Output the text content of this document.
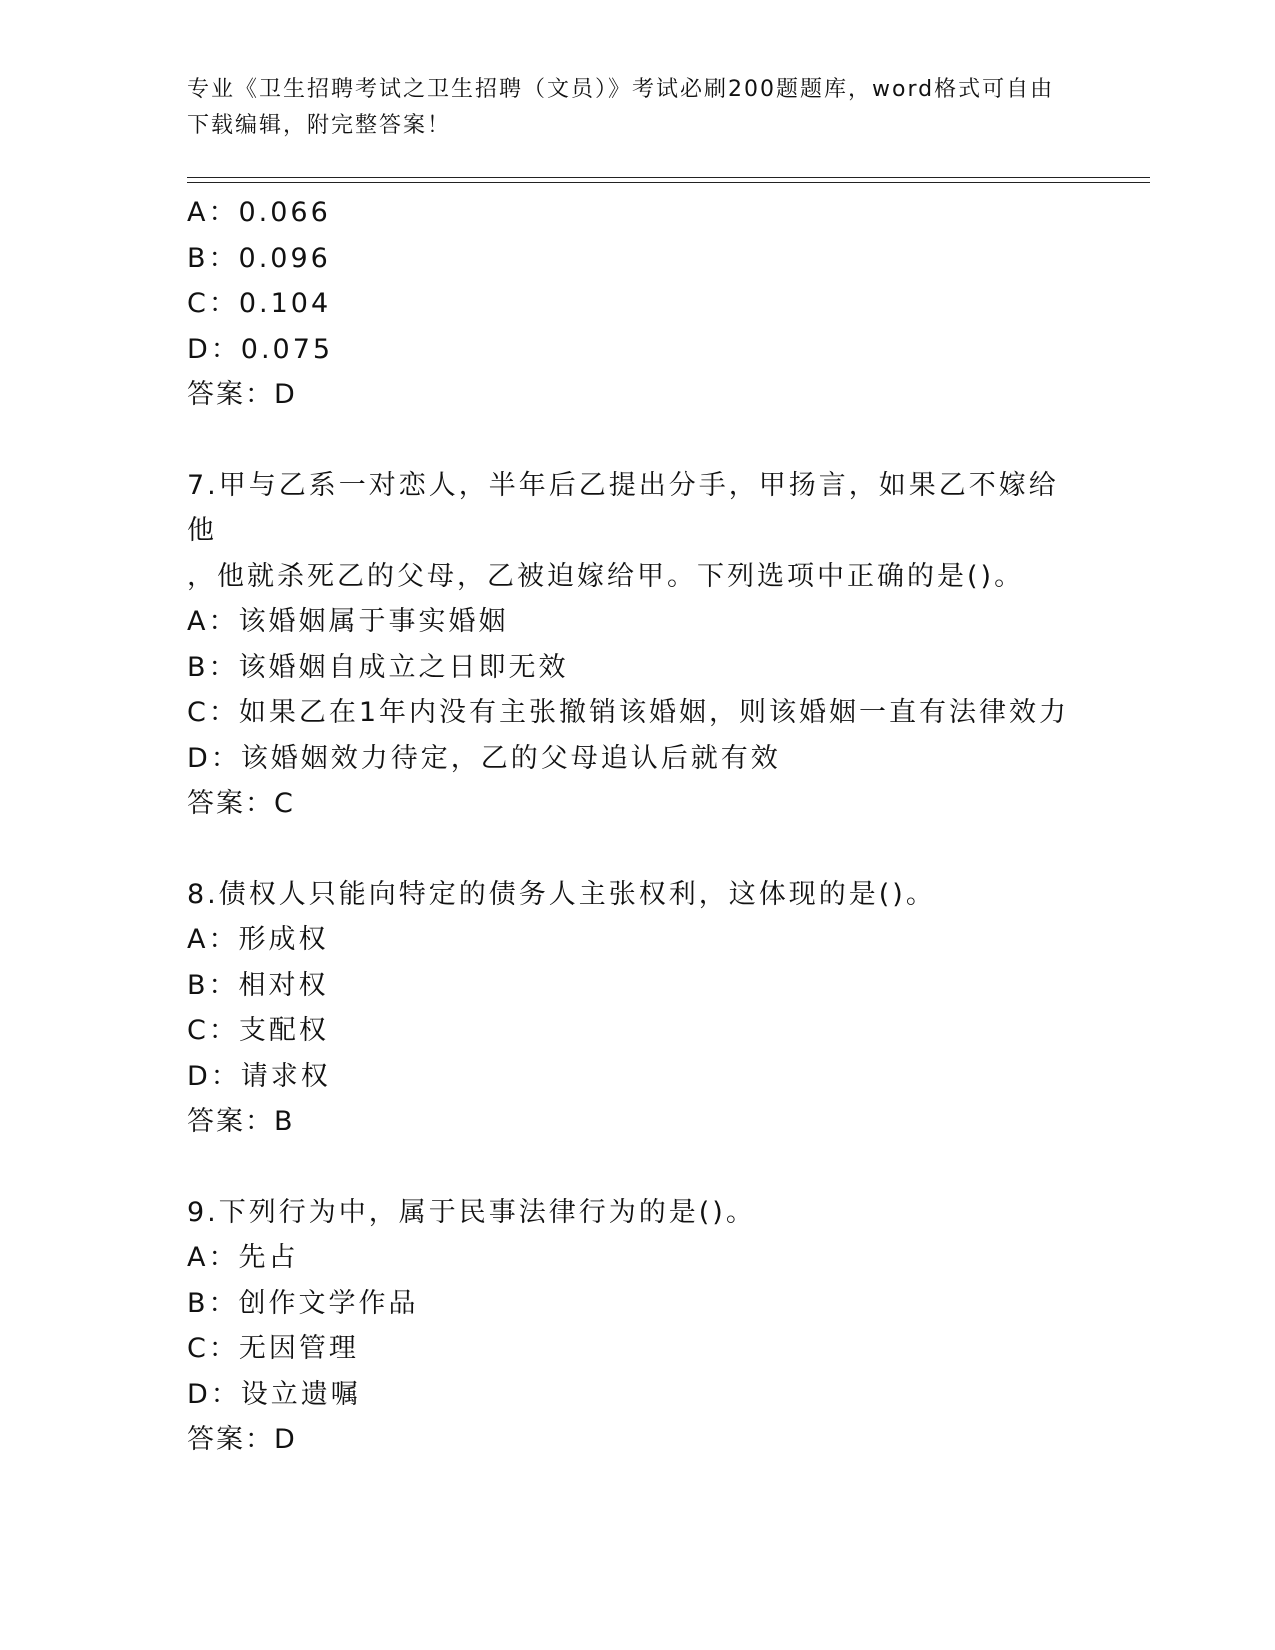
专业《卫生招聘考试之卫生招聘（文员）》考试必刷200题题库，word格式可自由下载编辑，附完整答案！
A：0.066
B：0.096
C：0.104
D：0.075
答案：D
7.甲与乙系一对恋人，半年后乙提出分手，甲扬言，如果乙不嫁给他
，他就杀死乙的父母，乙被迫嫁给甲。下列选项中正确的是()。
A：该婚姻属于事实婚姻
B：该婚姻自成立之日即无效
C：如果乙在1年内没有主张撤销该婚姻，则该婚姻一直有法律效力
D：该婚姻效力待定，乙的父母追认后就有效
答案：C
8.债权人只能向特定的债务人主张权利，这体现的是()。
A：形成权
B：相对权
C：支配权
D：请求权
答案：B
9.下列行为中，属于民事法律行为的是()。
A：先占
B：创作文学作品
C：无因管理
D：设立遗嘱
答案：D
